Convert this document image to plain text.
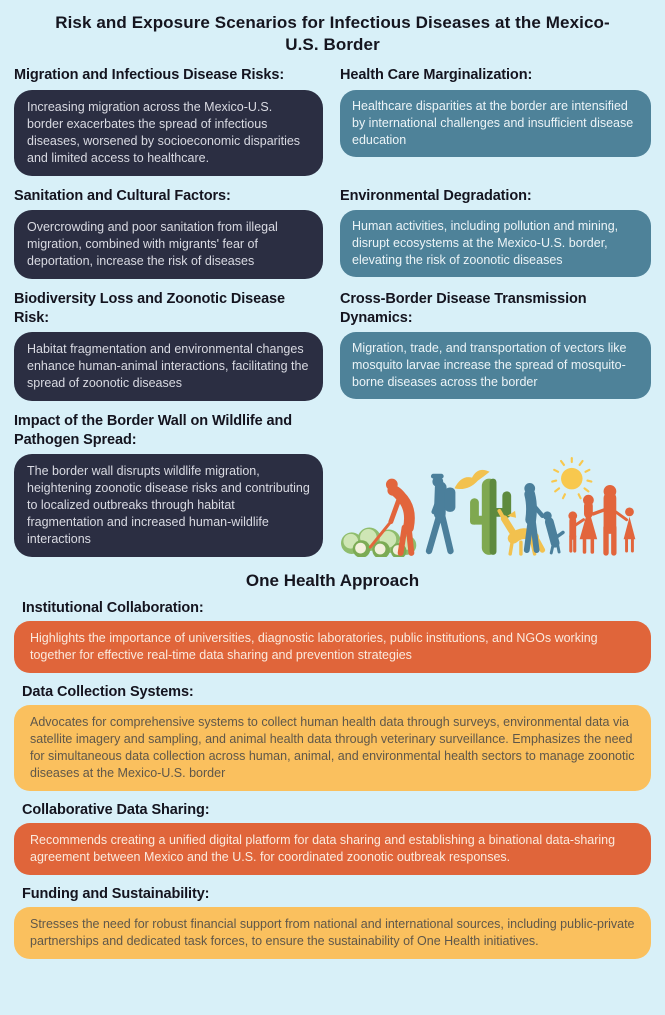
Risk and Exposure Scenarios for Infectious Diseases at the Mexico-U.S. Border
Migration and Infectious Disease Risks:

Increasing migration across the Mexico-U.S. border exacerbates the spread of infectious diseases, worsened by socioeconomic disparities and limited access to healthcare.

Health Care Marginalization:

Healthcare disparities at the border are intensified by international challenges and insufficient disease education

Sanitation and Cultural Factors:

Overcrowding and poor sanitation from illegal migration, combined with migrants' fear of deportation, increase the risk of diseases

Environmental Degradation:

Human activities, including pollution and mining, disrupt ecosystems at the Mexico-U.S. border, elevating the risk of zoonotic diseases

Biodiversity Loss and Zoonotic Disease Risk:

Habitat fragmentation and environmental changes enhance human-animal interactions, facilitating the spread of zoonotic diseases

Cross-Border Disease Transmission Dynamics:

Migration, trade, and transportation of vectors like mosquito larvae increase the spread of mosquito-borne diseases across the border

Impact of the Border Wall on Wildlife and Pathogen Spread:

The border wall disrupts wildlife migration, heightening zoonotic disease risks and contributing to localized outbreaks through habitat fragmentation and increased human-wildlife interactions

One Health Approach
Institutional Collaboration:

Highlights the importance of universities, diagnostic laboratories, public institutions, and NGOs working together for effective real-time data sharing and prevention strategies

Data Collection Systems:

Advocates for comprehensive systems to collect human health data through surveys, environmental data via satellite imagery and sampling, and animal health data through veterinary surveillance. Emphasizes the need for simultaneous data collection across human, animal, and environmental health sectors to manage zoonotic diseases at the Mexico-U.S. border

Collaborative Data Sharing:

Recommends creating a unified digital platform for data sharing and establishing a binational data-sharing agreement between Mexico and the U.S. for coordinated zoonotic outbreak responses.

Funding and Sustainability:

Stresses the need for robust financial support from national and international sources, including public-private partnerships and dedicated task forces, to ensure the sustainability of One Health initiatives.
